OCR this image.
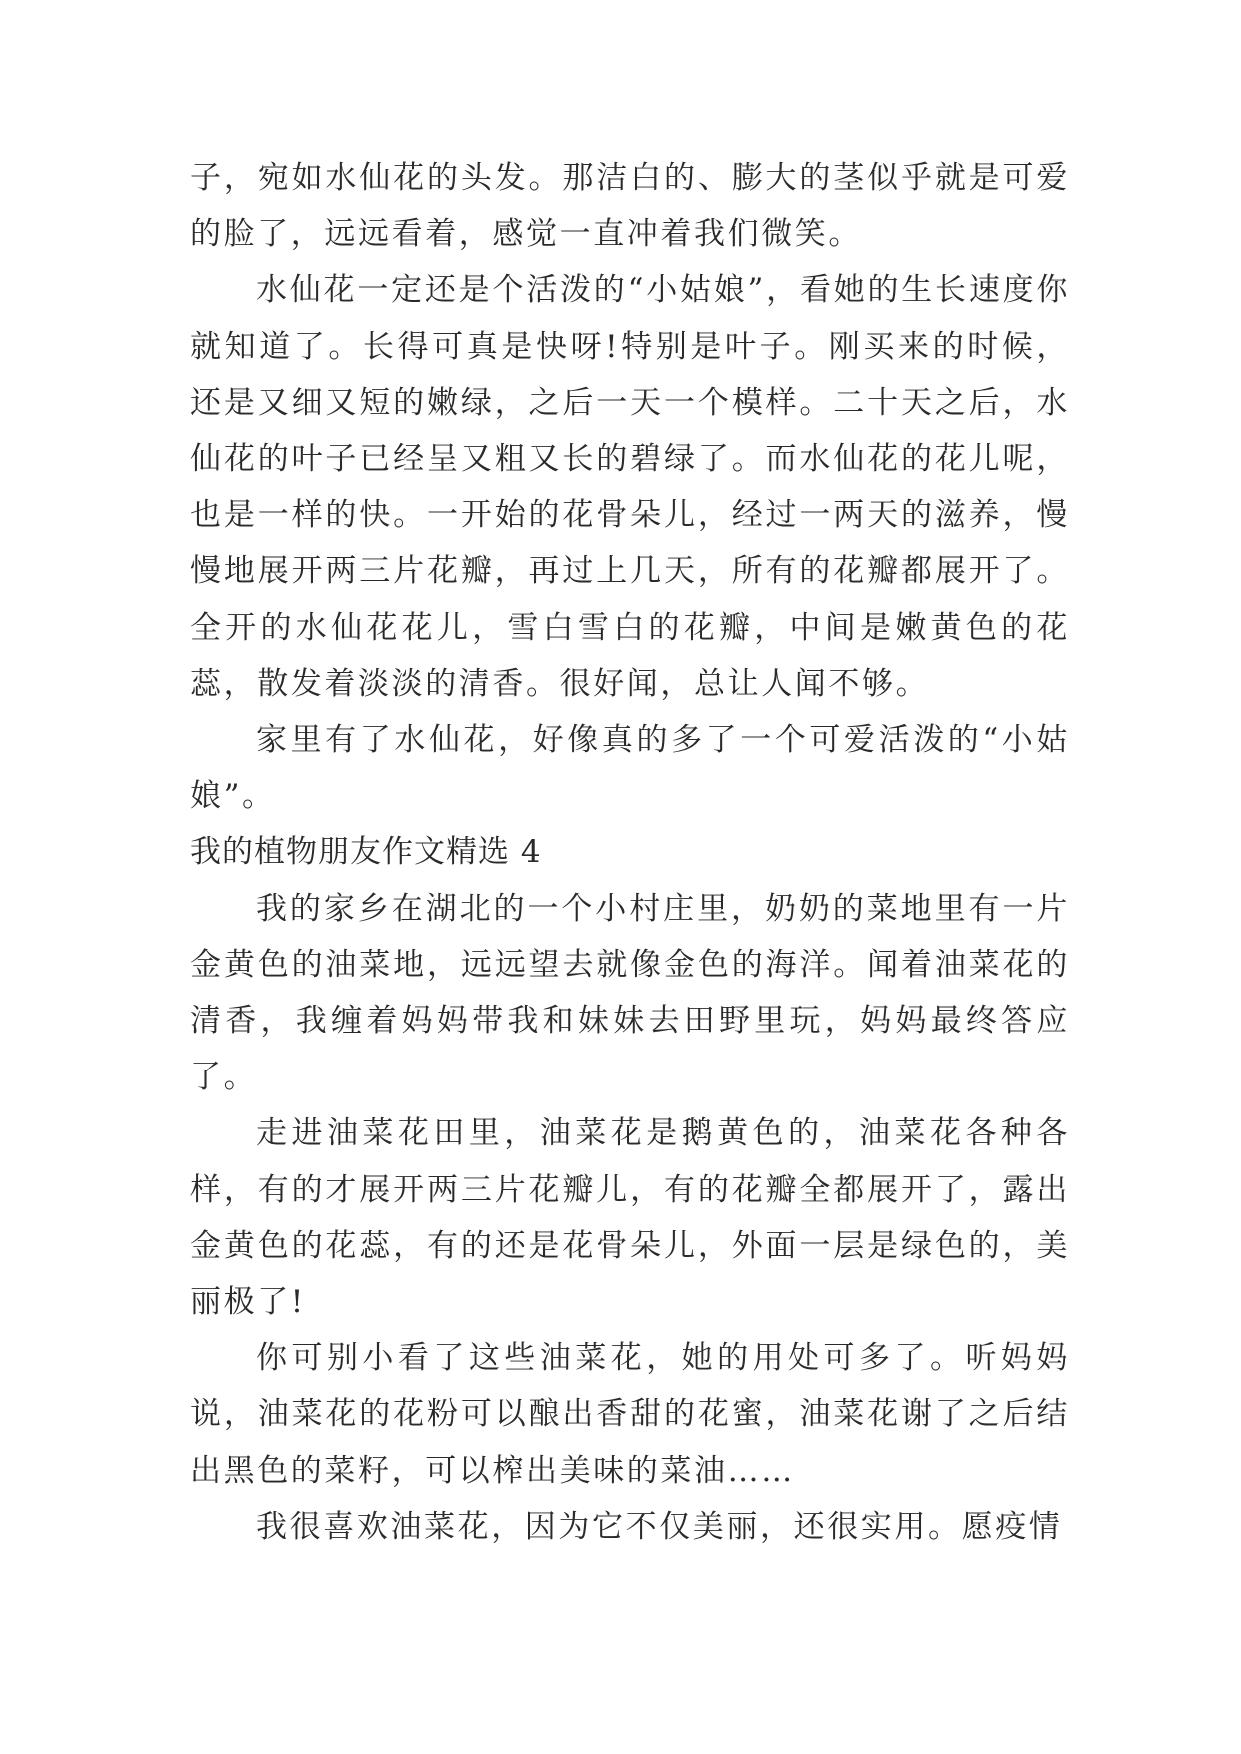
子，宛如水仙花的头发。那洁白的、膨大的茎似乎就是可爱的脸了，远远看着，感觉一直冲着我们微笑。

水仙花一定还是个活泼的“小姑娘”，看她的生长速度你就知道了。长得可真是快呀!特别是叶子。刚买来的时候，还是又细又短的嫩绿，之后一天一个模样。二十天之后，水仙花的叶子已经呈又粗又长的碧绿了。而水仙花的花儿呢，也是一样的快。一开始的花骨朵儿，经过一两天的滋养，慢慢地展开两三片花瓣，再过上几天，所有的花瓣都展开了。全开的水仙花花儿，雪白雪白的花瓣，中间是嫩黄色的花蕊，散发着淡淡的清香。很好闻，总让人闻不够。

家里有了水仙花，好像真的多了一个可爱活泼的“小姑娘”。

我的植物朋友作文精选 4

我的家乡在湖北的一个小村庄里，奶奶的菜地里有一片金黄色的油菜地，远远望去就像金色的海洋。闻着油菜花的清香，我缠着妈妈带我和妹妹去田野里玩，妈妈最终答应了。

走进油菜花田里，油菜花是鹅黄色的，油菜花各种各样，有的才展开两三片花瓣儿，有的花瓣全都展开了，露出金黄色的花蕊，有的还是花骨朵儿，外面一层是绿色的，美丽极了!

你可别小看了这些油菜花，她的用处可多了。听妈妈说，油菜花的花粉可以酿出香甜的花蜜，油菜花谢了之后结出黑色的菜籽，可以榨出美味的菜油……

我很喜欢油菜花，因为它不仅美丽，还很实用。愿疫情
